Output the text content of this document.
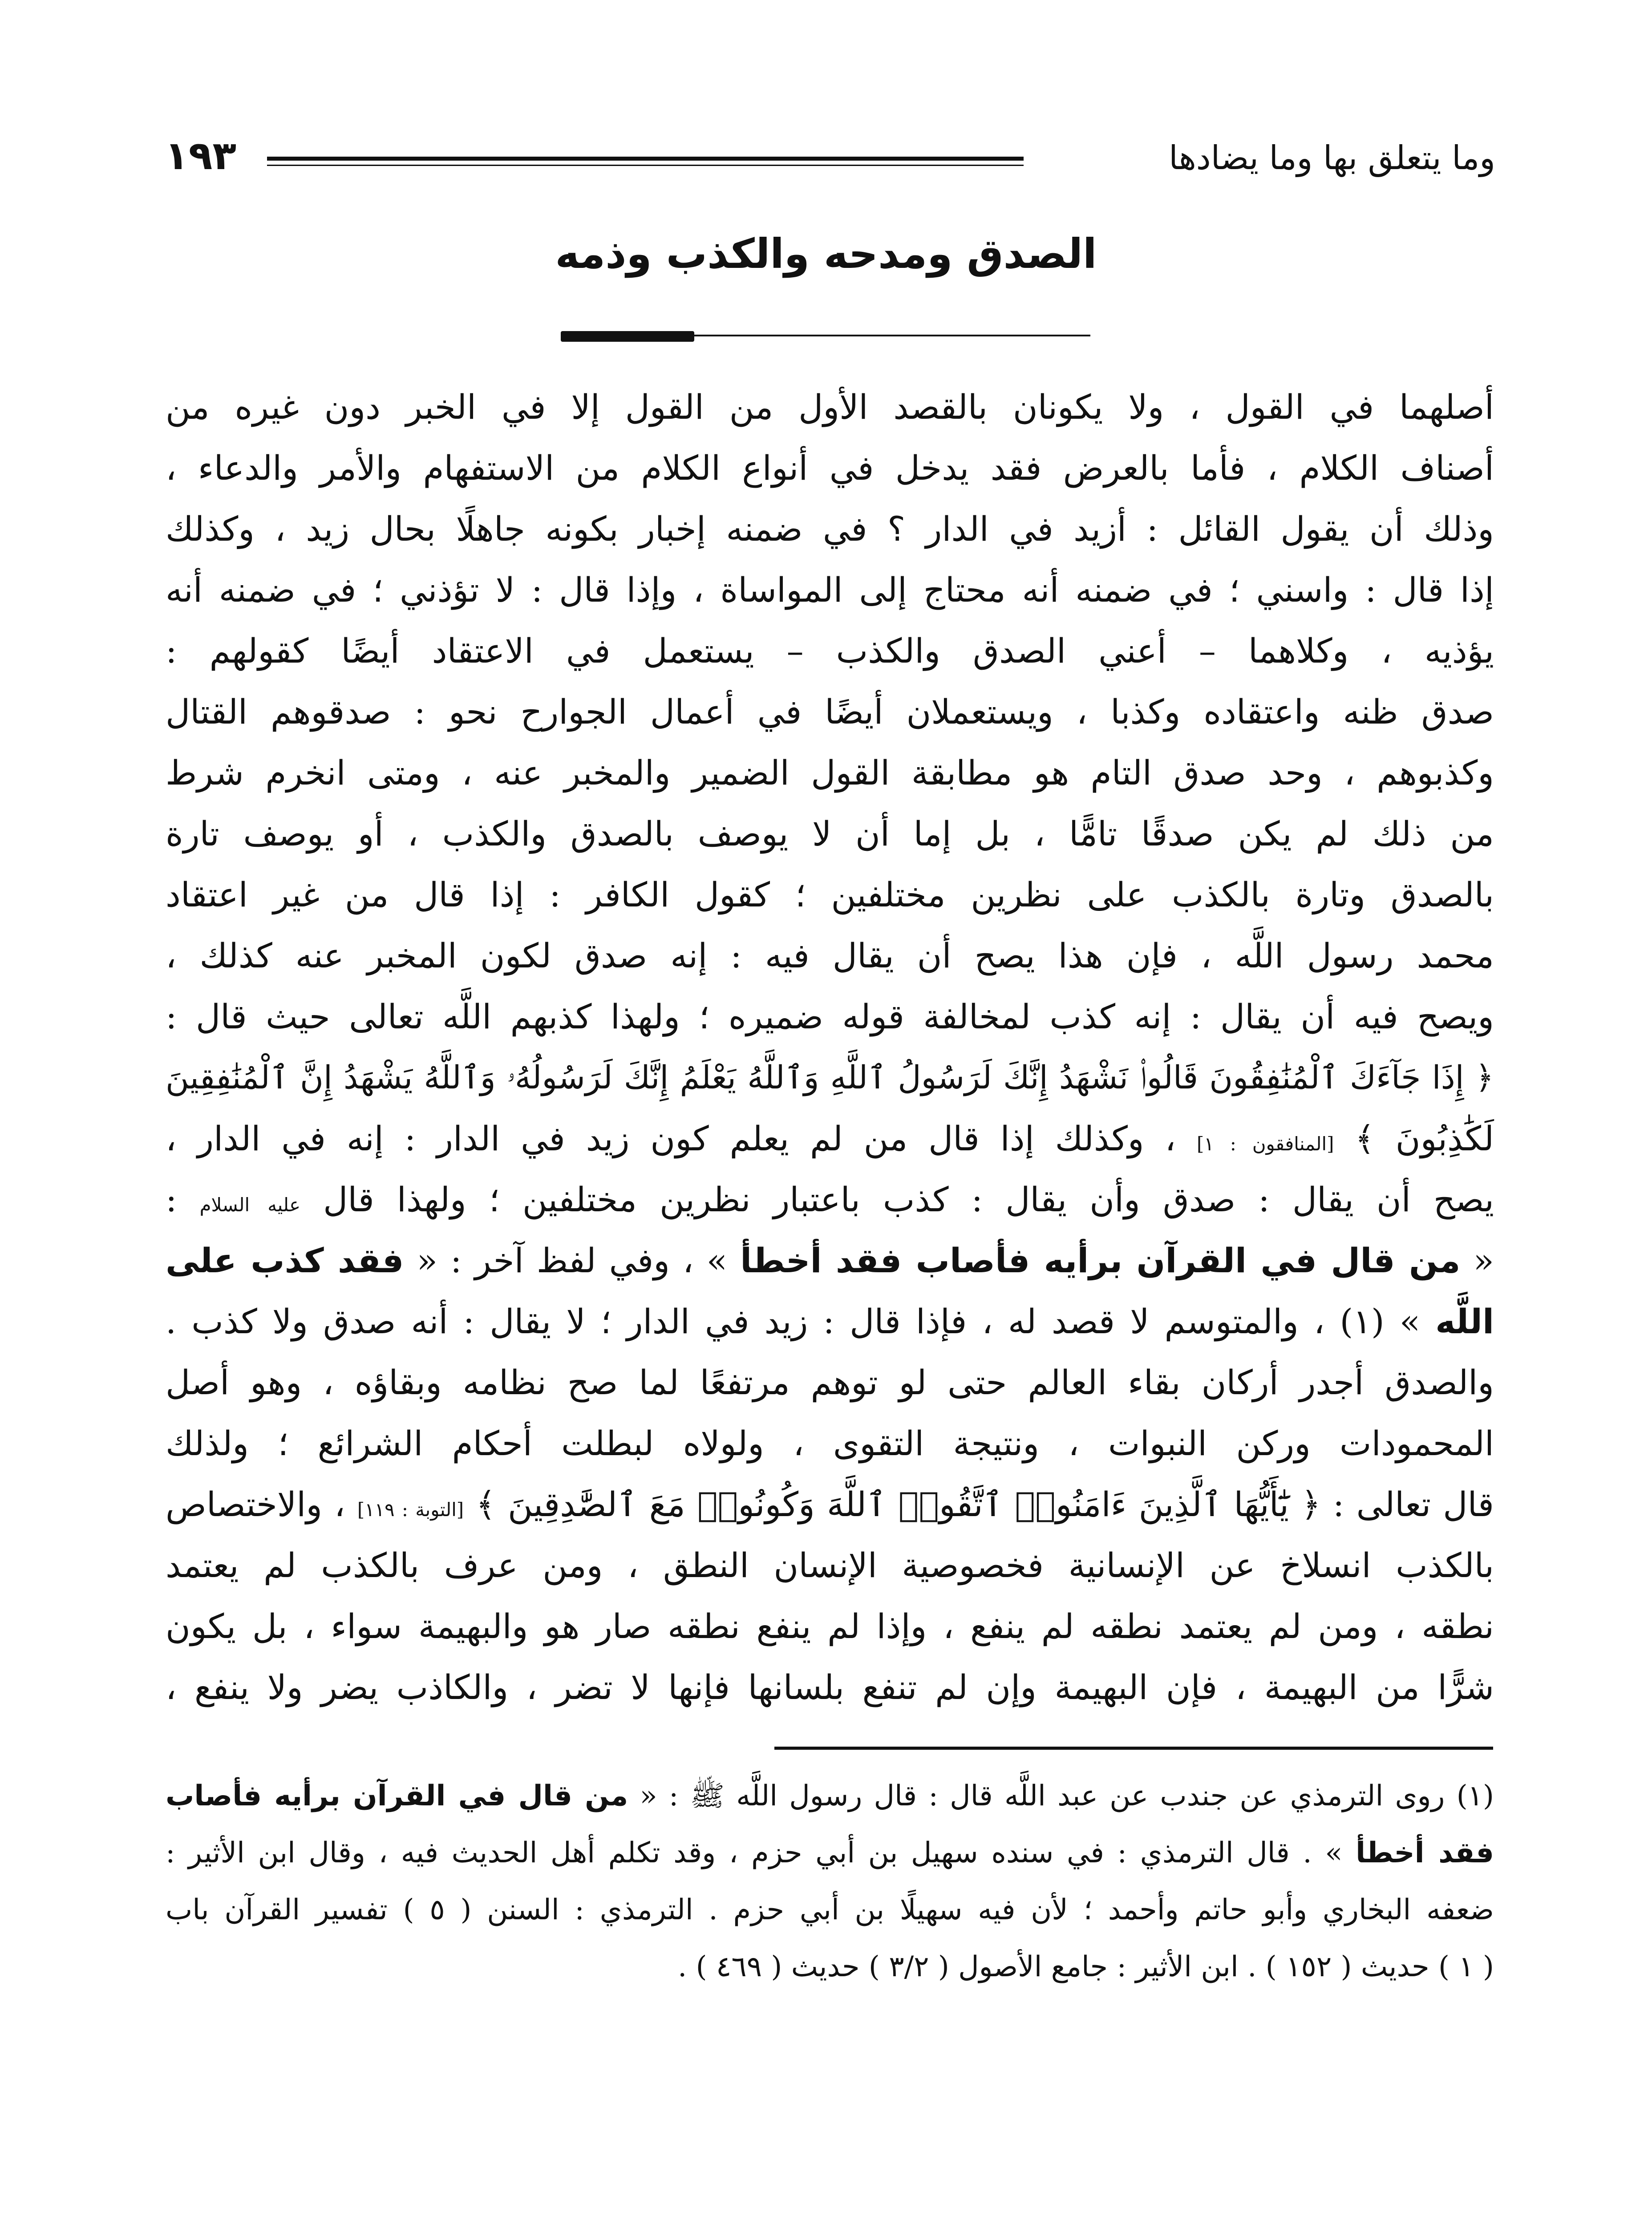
وما يتعلق بها وما يضادها
١٩٣
الصدق ومدحه والكذب وذمه
أصلهما في القول ، ولا يكونان بالقصد الأول من القول إلا في الخبر دون غيره من
أصناف الكلام ، فأما بالعرض فقد يدخل في أنواع الكلام من الاستفهام والأمر والدعاء ،
وذلك أن يقول القائل : أزيد في الدار ؟ في ضمنه إخبار بكونه جاهلًا بحال زيد ، وكذلك
إذا قال : واسني ؛ في ضمنه أنه محتاج إلى المواساة ، وإذا قال : لا تؤذني ؛ في ضمنه أنه
يؤذيه ، وكلاهما – أعني الصدق والكذب – يستعمل في الاعتقاد أيضًا كقولهم :
صدق ظنه واعتقاده وكذبا ، ويستعملان أيضًا في أعمال الجوارح نحو : صدقوهم القتال
وكذبوهم ، وحد صدق التام هو مطابقة القول الضمير والمخبر عنه ، ومتى انخرم شرط
من ذلك لم يكن صدقًا تامًّا ، بل إما أن لا يوصف بالصدق والكذب ، أو يوصف تارة
بالصدق وتارة بالكذب على نظرين مختلفين ؛ كقول الكافر : إذا قال من غير اعتقاد
محمد رسول اللَّه ، فإن هذا يصح أن يقال فيه : إنه صدق لكون المخبر عنه كذلك ،
ويصح فيه أن يقال : إنه كذب لمخالفة قوله ضميره ؛ ولهذا كذبهم اللَّه تعالى حيث قال :
﴿ إِذَا جَآءَكَ ٱلْمُنَٰفِقُونَ قَالُوا۟ نَشْهَدُ إِنَّكَ لَرَسُولُ ٱللَّهِ وَٱللَّهُ يَعْلَمُ إِنَّكَ لَرَسُولُهُۥ وَٱللَّهُ يَشْهَدُ إِنَّ ٱلْمُنَٰفِقِينَ
لَكَٰذِبُونَ ﴾ [المنافقون : ١] ، وكذلك إذا قال من لم يعلم كون زيد في الدار : إنه في الدار ،
يصح أن يقال : صدق وأن يقال : كذب باعتبار نظرين مختلفين ؛ ولهذا قال عليه السلام :
« من قال في القرآن برأيه فأصاب فقد أخطأ » ، وفي لفظ آخر : « فقد كذب على
اللَّه » (١) ، والمتوسم لا قصد له ، فإذا قال : زيد في الدار ؛ لا يقال : أنه صدق ولا كذب .
والصدق أجدر أركان بقاء العالم حتى لو توهم مرتفعًا لما صح نظامه وبقاؤه ، وهو أصل
المحمودات وركن النبوات ، ونتيجة التقوى ، ولولاه لبطلت أحكام الشرائع ؛ ولذلك
قال تعالى : ﴿ يَٰٓأَيُّهَا ٱلَّذِينَ ءَامَنُوا۟ ٱتَّقُوا۟ ٱللَّهَ وَكُونُوا۟ مَعَ ٱلصَّٰدِقِينَ ﴾ [التوبة : ١١٩] ، والاختصاص
بالكذب انسلاخ عن الإنسانية فخصوصية الإنسان النطق ، ومن عرف بالكذب لم يعتمد
نطقه ، ومن لم يعتمد نطقه لم ينفع ، وإذا لم ينفع نطقه صار هو والبهيمة سواء ، بل يكون
شرًّا من البهيمة ، فإن البهيمة وإن لم تنفع بلسانها فإنها لا تضر ، والكاذب يضر ولا ينفع ،
(١) روى الترمذي عن جندب عن عبد اللَّه قال : قال رسول اللَّه ﷺ : « من قال في القرآن برأيه فأصاب
فقد أخطأ » . قال الترمذي : في سنده سهيل بن أبي حزم ، وقد تكلم أهل الحديث فيه ، وقال ابن الأثير :
ضعفه البخاري وأبو حاتم وأحمد ؛ لأن فيه سهيلًا بن أبي حزم . الترمذي : السنن ( ٥ ) تفسير القرآن باب
( ١ ) حديث ( ١٥٢ ) . ابن الأثير : جامع الأصول ( ٣/٢ ) حديث ( ٤٦٩ ) .
